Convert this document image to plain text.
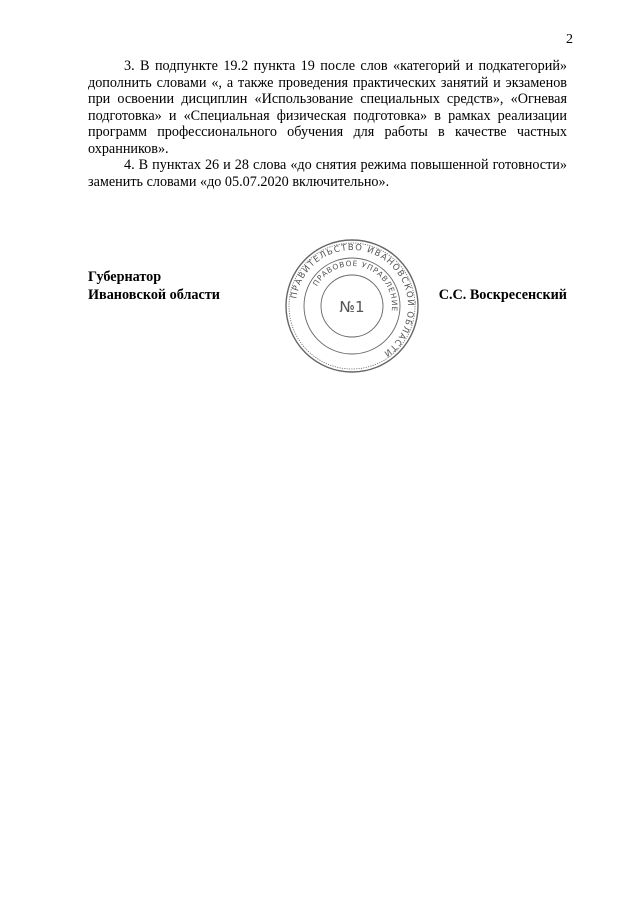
2

3. В подпункте 19.2 пункта 19 после слов «категорий и подкатегорий» дополнить словами «, а также проведения практических занятий и экзаменов при освоении дисциплин «Использование специальных средств», «Огневая подготовка» и «Специальная физическая подготовка» в рамках реализации программ профессионального обучения для работы в качестве частных охранников».

4. В пунктах 26 и 28 слова «до снятия режима повышенной готовности» заменить словами «до 05.07.2020 включительно».

Губернатор
Ивановской области	ПРАВИТЕЛЬСТВО ИВАНОВСКОЙ ОБЛАСТИ
ПРАВОВОЕ УПРАВЛЕНИЕ
№1
С.С. Воскресенский
